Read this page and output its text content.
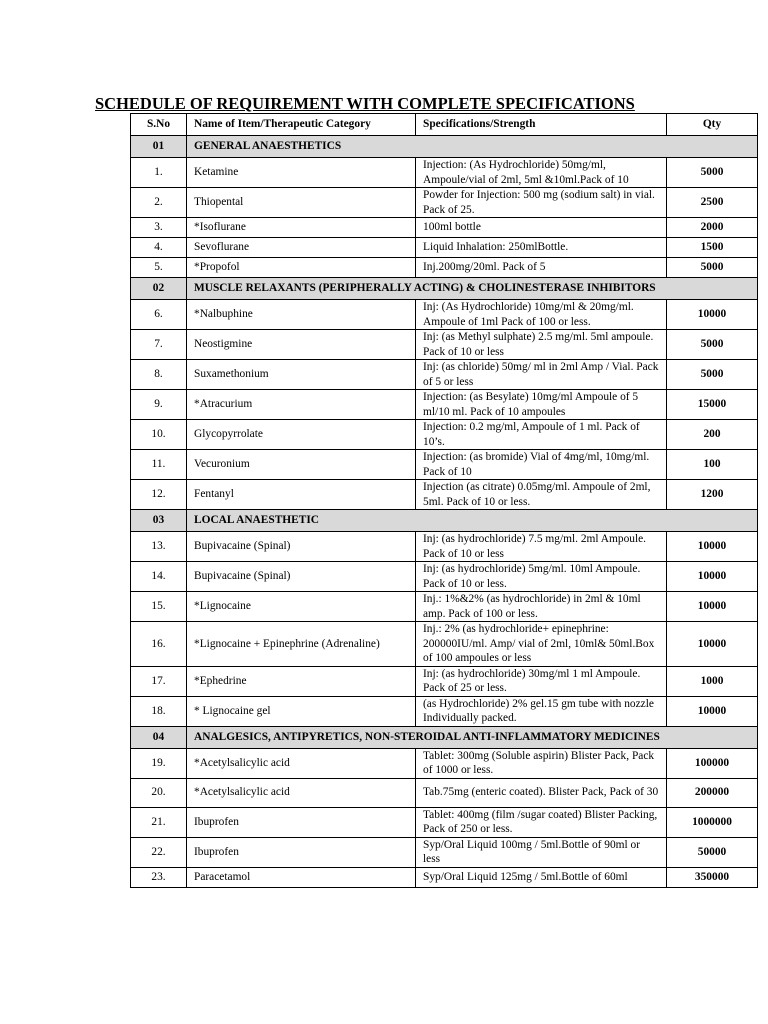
SCHEDULE OF REQUIREMENT WITH COMPLETE SPECIFICATIONS
S.No	Name of Item/Therapeutic Category	Specifications/Strength	Qty
01	GENERAL ANAESTHETICS		
1.	Ketamine	Injection: (As Hydrochloride) 50mg/ml, Ampoule/vial of 2ml, 5ml &10ml.Pack of 10	5000
2.	Thiopental	Powder for Injection: 500 mg (sodium salt) in vial. Pack of 25.	2500
3.	*Isoflurane	100ml bottle	2000
4.	Sevoflurane	Liquid Inhalation: 250mlBottle.	1500
5.	*Propofol	Inj.200mg/20ml. Pack of 5	5000
02	MUSCLE RELAXANTS (PERIPHERALLY ACTING) & CHOLINESTERASE INHIBITORS		
6.	*Nalbuphine	Inj: (As Hydrochloride) 10mg/ml & 20mg/ml. Ampoule of 1ml Pack of 100 or less.	10000
7.	Neostigmine	Inj: (as Methyl sulphate) 2.5 mg/ml. 5ml ampoule. Pack of 10 or less	5000
8.	Suxamethonium	Inj: (as chloride) 50mg/ ml in 2ml Amp / Vial. Pack of 5 or less	5000
9.	*Atracurium	Injection: (as Besylate) 10mg/ml Ampoule of 5 ml/10 ml. Pack of 10 ampoules	15000
10.	Glycopyrrolate	Injection: 0.2 mg/ml, Ampoule of 1 ml. Pack of 10’s.	200
11.	Vecuronium	Injection: (as bromide) Vial of 4mg/ml, 10mg/ml. Pack of 10	100
12.	Fentanyl	Injection (as citrate) 0.05mg/ml. Ampoule of 2ml, 5ml. Pack of 10 or less.	1200
03	LOCAL ANAESTHETIC		
13.	Bupivacaine (Spinal)	Inj: (as hydrochloride) 7.5 mg/ml. 2ml Ampoule. Pack of 10 or less	10000
14.	Bupivacaine (Spinal)	Inj: (as hydrochloride) 5mg/ml. 10ml Ampoule. Pack of 10 or less.	10000
15.	*Lignocaine	Inj.: 1%&2% (as hydrochloride) in 2ml & 10ml amp. Pack of 100 or less.	10000
16.	*Lignocaine + Epinephrine (Adrenaline)	Inj.: 2% (as hydrochloride+ epinephrine: 200000IU/ml. Amp/ vial of 2ml, 10ml& 50ml.Box of 100 ampoules or less	10000
17.	*Ephedrine	Inj: (as hydrochloride) 30mg/ml 1 ml Ampoule. Pack of 25 or less.	1000
18.	* Lignocaine gel	(as Hydrochloride) 2% gel.15 gm tube with nozzle Individually packed.	10000
04	ANALGESICS, ANTIPYRETICS, NON-STEROIDAL ANTI-INFLAMMATORY MEDICINES		
19.	*Acetylsalicylic acid	Tablet: 300mg (Soluble aspirin) Blister Pack, Pack of 1000 or less.	100000
20.	*Acetylsalicylic acid	Tab.75mg (enteric coated). Blister Pack, Pack of 30	200000
21.	Ibuprofen	Tablet: 400mg (film /sugar coated) Blister Packing, Pack of 250 or less.	1000000
22.	Ibuprofen	Syp/Oral Liquid 100mg / 5ml.Bottle of 90ml or less	50000
23.	Paracetamol	Syp/Oral Liquid 125mg / 5ml.Bottle of 60ml	350000
